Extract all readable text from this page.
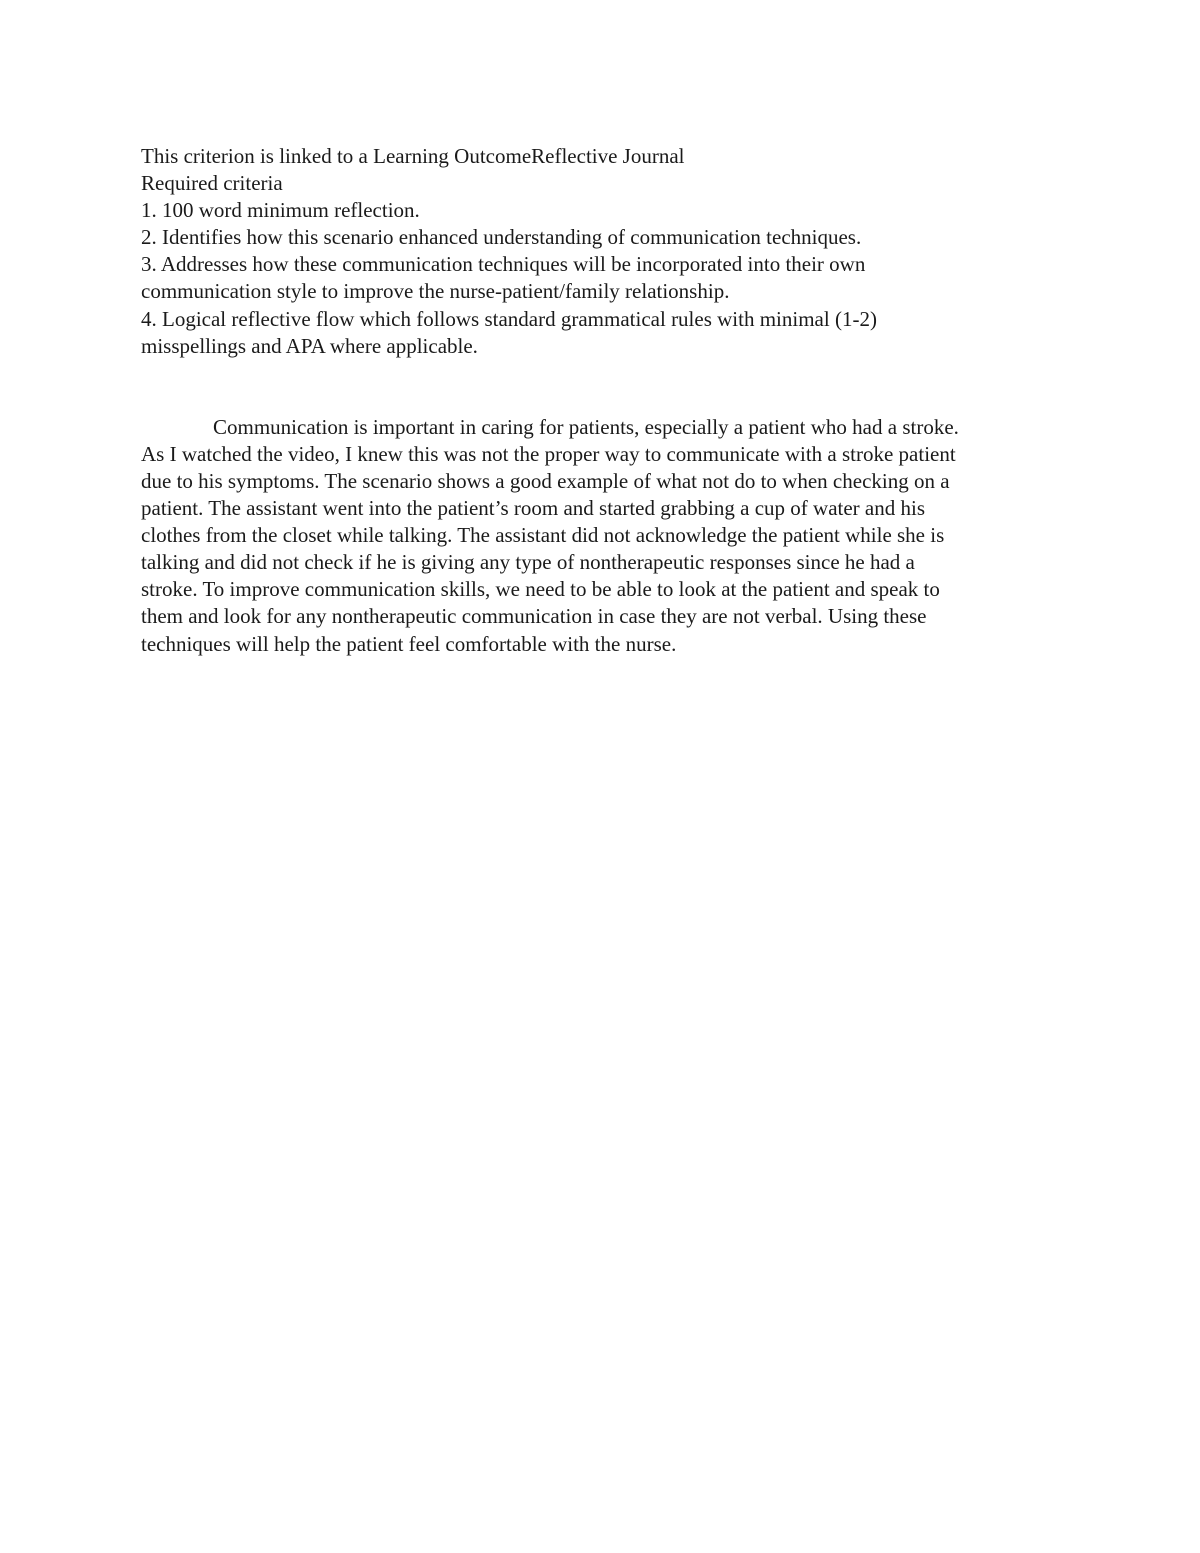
This criterion is linked to a Learning OutcomeReflective Journal
Required criteria
1. 100 word minimum reflection.
2. Identifies how this scenario enhanced understanding of communication techniques.
3. Addresses how these communication techniques will be incorporated into their own
communication style to improve the nurse-patient/family relationship.
4. Logical reflective flow which follows standard grammatical rules with minimal (1-2)
misspellings and APA where applicable.
Communication is important in caring for patients, especially a patient who had a stroke.
As I watched the video, I knew this was not the proper way to communicate with a stroke patient
due to his symptoms. The scenario shows a good example of what not do to when checking on a
patient. The assistant went into the patient’s room and started grabbing a cup of water and his
clothes from the closet while talking. The assistant did not acknowledge the patient while she is
talking and did not check if he is giving any type of nontherapeutic responses since he had a
stroke. To improve communication skills, we need to be able to look at the patient and speak to
them and look for any nontherapeutic communication in case they are not verbal. Using these
techniques will help the patient feel comfortable with the nurse.
